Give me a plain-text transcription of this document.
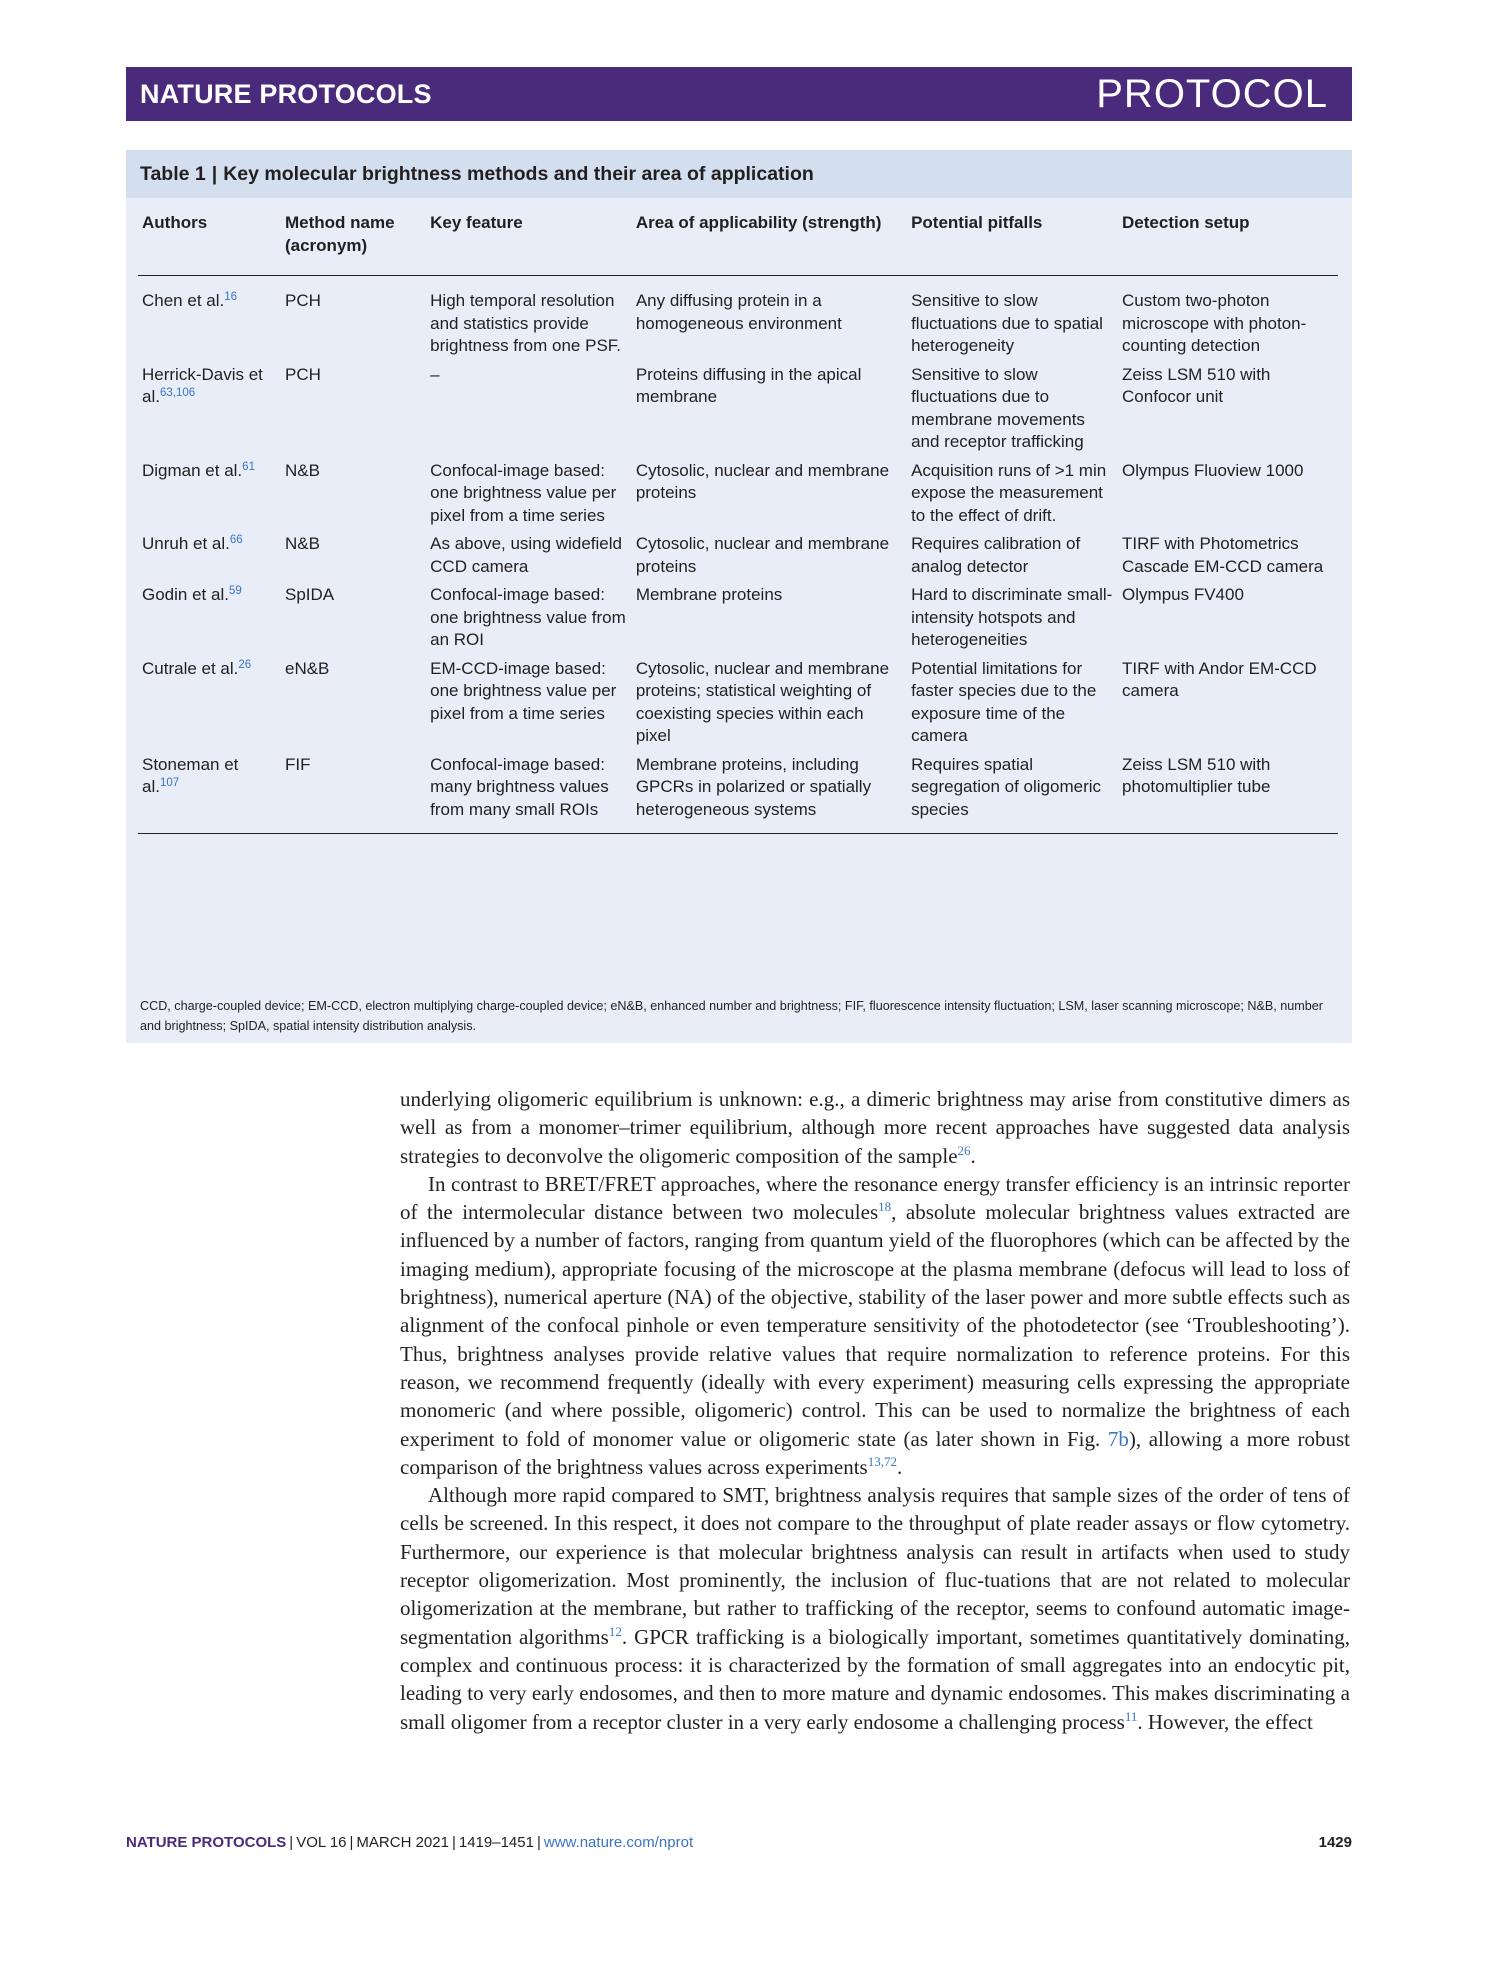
NATURE PROTOCOLS	PROTOCOL
Table 1 | Key molecular brightness methods and their area of application
Authors	Method name (acronym)	Key feature	Area of applicability (strength)	Potential pitfalls	Detection setup
Chen et al.$^{16}$	PCH	High temporal resolution and statistics provide brightness from one PSF.	Any diffusing protein in a homogeneous environment	Sensitive to slow fluctuations due to spatial heterogeneity	Custom two-photon microscope with photon-counting detection
Herrick-Davis et al.$^{63,106}$	PCH	–	Proteins diffusing in the apical membrane	Sensitive to slow fluctuations due to membrane movements and receptor trafficking	Zeiss LSM 510 with Confocor unit
Digman et al.$^{61}$	N&B	Confocal-image based: one brightness value per pixel from a time series	Cytosolic, nuclear and membrane proteins	Acquisition runs of >1 min expose the measurement to the effect of drift.	Olympus Fluoview 1000
Unruh et al.$^{66}$	N&B	As above, using widefield CCD camera	Cytosolic, nuclear and membrane proteins	Requires calibration of analog detector	TIRF with Photometrics Cascade EM-CCD camera
Godin et al.$^{59}$	SpIDA	Confocal-image based: one brightness value from an ROI	Membrane proteins	Hard to discriminate small-intensity hotspots and heterogeneities	Olympus FV400
Cutrale et al.$^{26}$	eN&B	EM-CCD-image based: one brightness value per pixel from a time series	Cytosolic, nuclear and membrane proteins; statistical weighting of coexisting species within each pixel	Potential limitations for faster species due to the exposure time of the camera	TIRF with Andor EM-CCD camera
Stoneman et al.$^{107}$	FIF	Confocal-image based: many brightness values from many small ROIs	Membrane proteins, including GPCRs in polarized or spatially heterogeneous systems	Requires spatial segregation of oligomeric species	Zeiss LSM 510 with photomultiplier tube
CCD, charge-coupled device; EM-CCD, electron multiplying charge-coupled device; eN&B, enhanced number and brightness; FIF, fluorescence intensity fluctuation; LSM, laser scanning microscope; N&B, number and brightness; SpIDA, spatial intensity distribution analysis.

underlying oligomeric equilibrium is unknown: e.g., a dimeric brightness may arise from constitutive dimers as well as from a monomer–trimer equilibrium, although more recent approaches have suggested data analysis strategies to deconvolve the oligomeric composition of the sample$^{26}$.

In contrast to BRET/FRET approaches, where the resonance energy transfer efficiency is an intrinsic reporter of the intermolecular distance between two molecules$^{18}$, absolute molecular brightness values extracted are influenced by a number of factors, ranging from quantum yield of the fluorophores (which can be affected by the imaging medium), appropriate focusing of the microscope at the plasma membrane (defocus will lead to loss of brightness), numerical aperture (NA) of the objective, stability of the laser power and more subtle effects such as alignment of the confocal pinhole or even temperature sensitivity of the photodetector (see ‘Troubleshooting’). Thus, brightness analyses provide relative values that require normalization to reference proteins. For this reason, we recommend frequently (ideally with every experiment) measuring cells expressing the appropriate monomeric (and where possible, oligomeric) control. This can be used to normalize the brightness of each experiment to fold of monomer value or oligomeric state (as later shown in Fig. 7b), allowing a more robust comparison of the brightness values across experiments$^{13,72}$.

Although more rapid compared to SMT, brightness analysis requires that sample sizes of the order of tens of cells be screened. In this respect, it does not compare to the throughput of plate reader assays or flow cytometry. Furthermore, our experience is that molecular brightness analysis can result in artifacts when used to study receptor oligomerization. Most prominently, the inclusion of fluc-tuations that are not related to molecular oligomerization at the membrane, but rather to trafficking of the receptor, seems to confound automatic image-segmentation algorithms$^{12}$. GPCR trafficking is a biologically important, sometimes quantitatively dominating, complex and continuous process: it is characterized by the formation of small aggregates into an endocytic pit, leading to very early endosomes, and then to more mature and dynamic endosomes. This makes discriminating a small oligomer from a receptor cluster in a very early endosome a challenging process$^{11}$. However, the effect

NATURE PROTOCOLS | VOL 16 | MARCH 2021 | 1419–1451 | www.nature.com/nprot	1429
